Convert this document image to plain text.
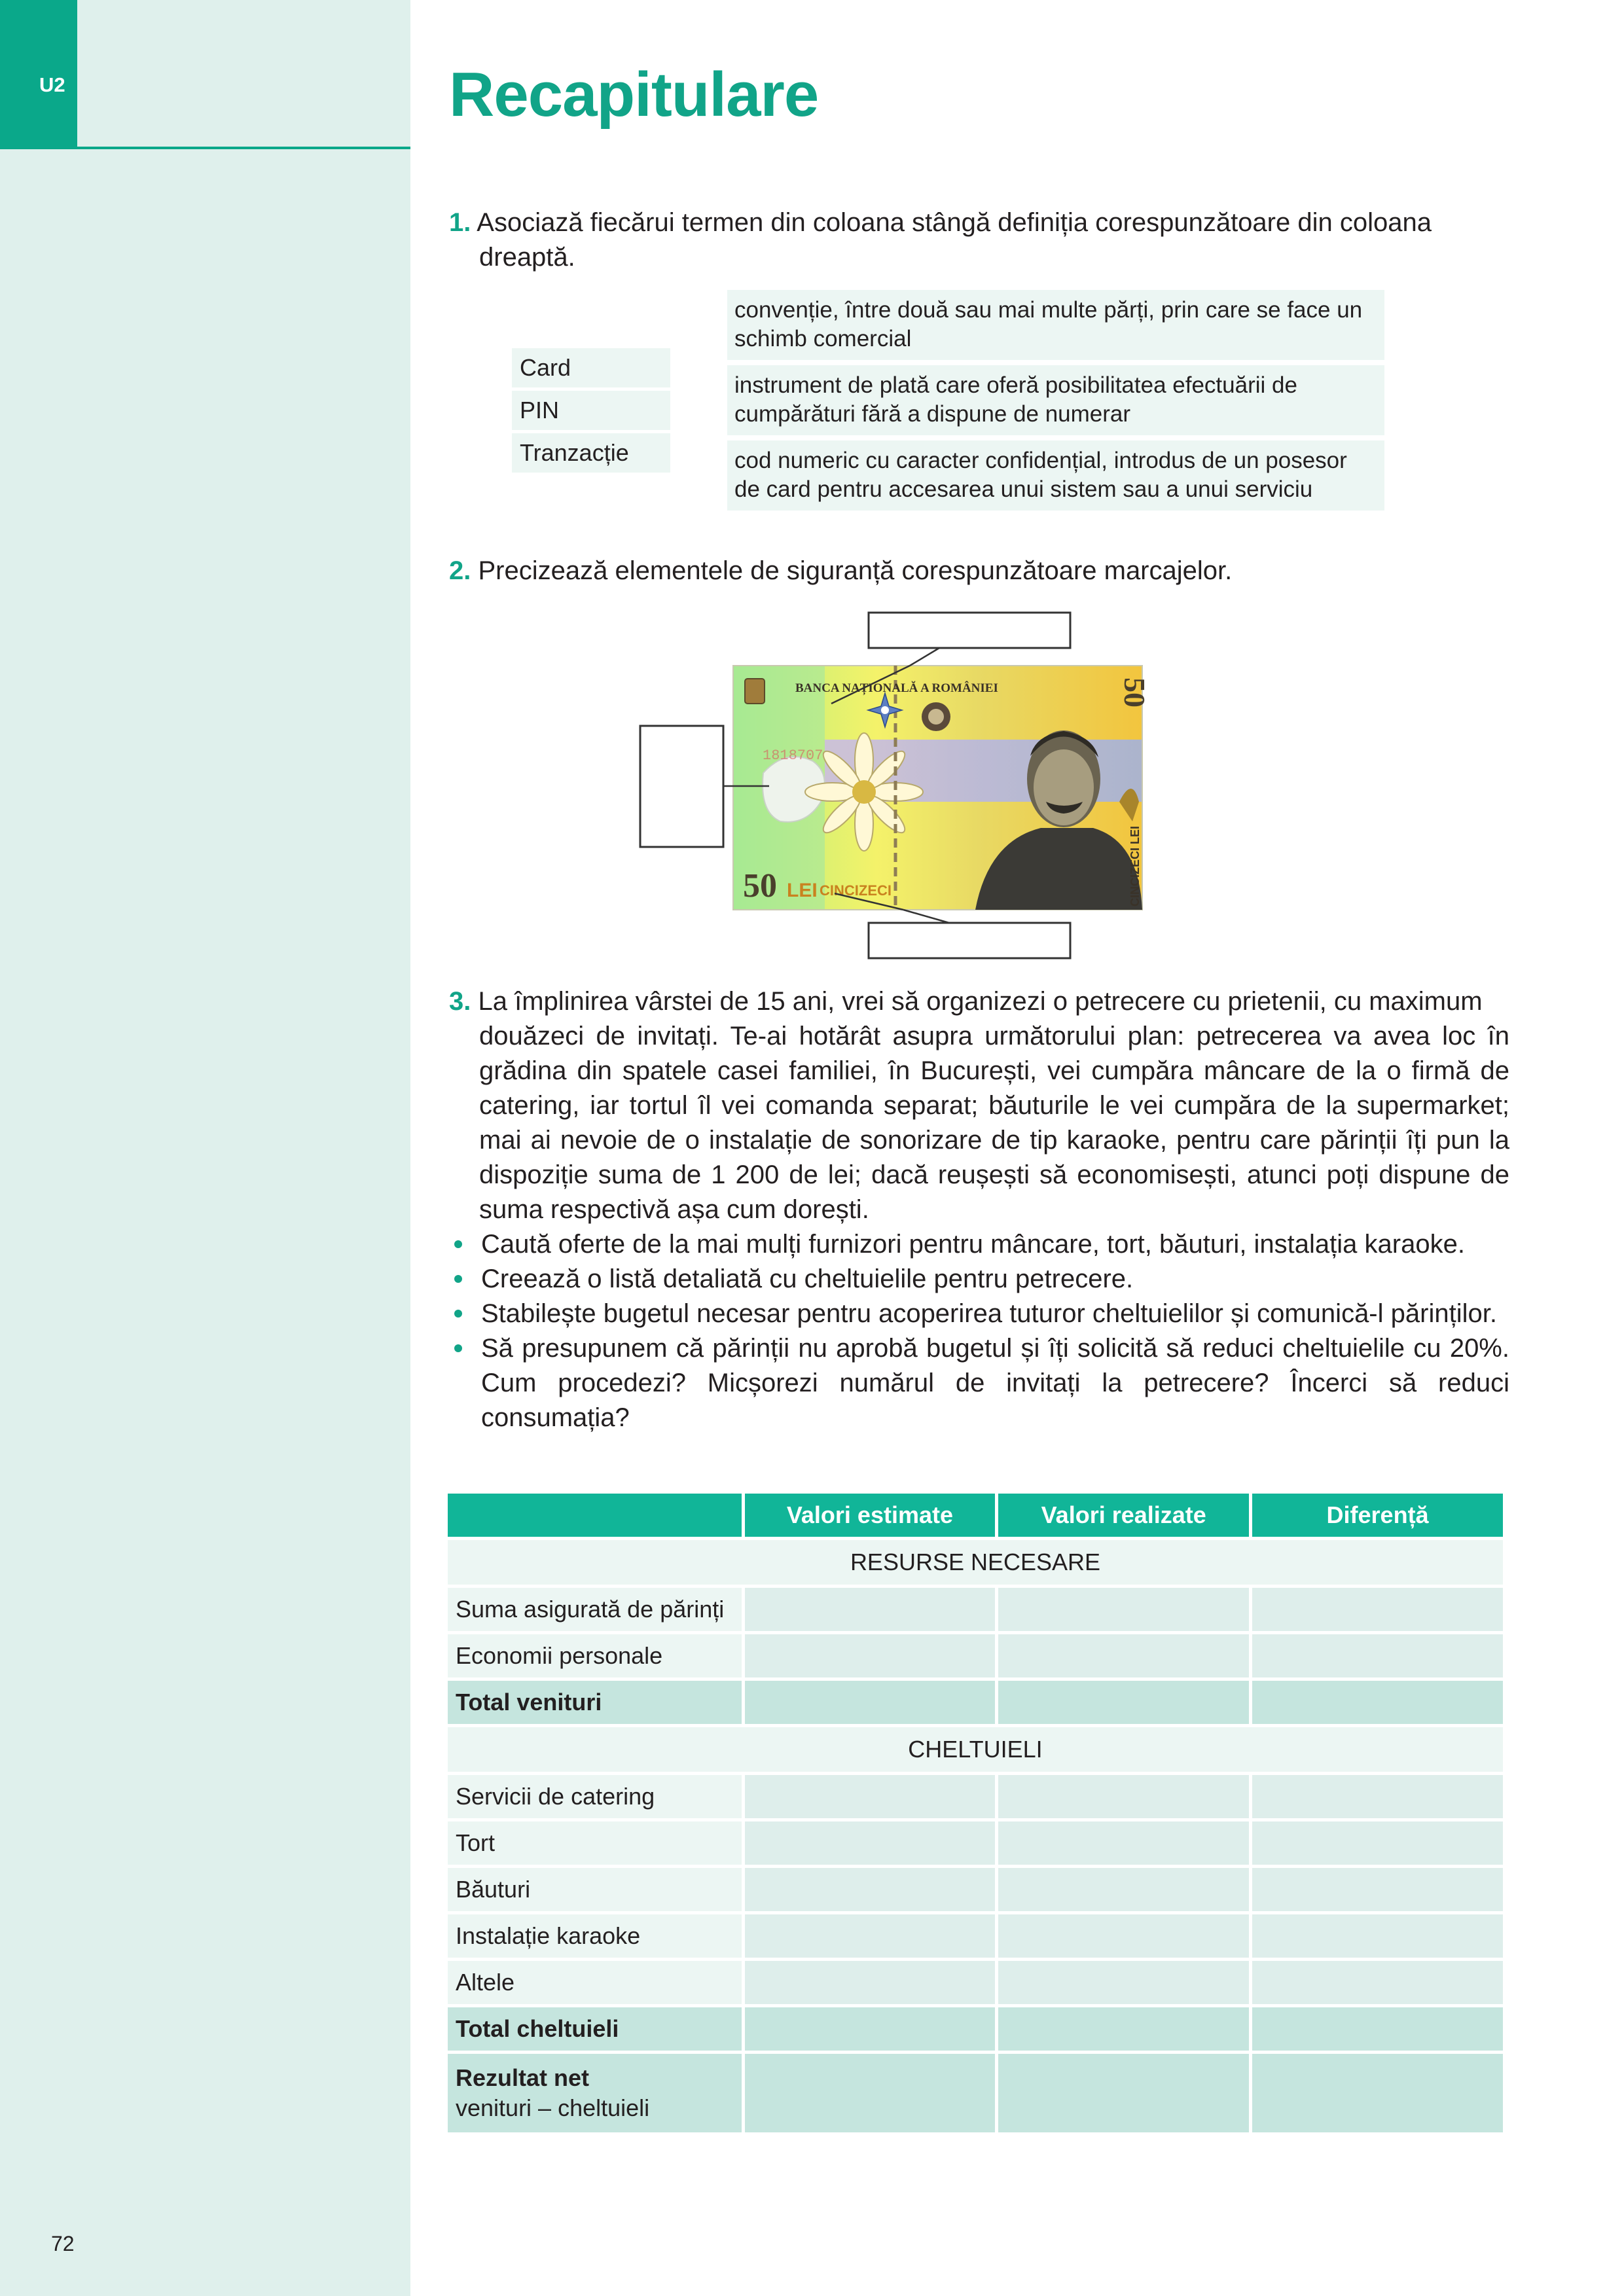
U2
72
Recapitulare
1. Asociază fiecărui termen din coloana stângă definiția corespunzătoare din coloana
dreaptă.
Card
PIN
Tranzacție
convenție, între două sau mai multe părți, prin care se face un schimb comercial
instrument de plată care oferă posibilitatea efectuării de cumpărături fără a dispune de numerar
cod numeric cu caracter confidențial, introdus de un posesor de card pentru accesarea unui sistem sau a unui serviciu
2. Precizează elementele de siguranță corespunzătoare marcajelor.
BANCA NAȚIONALĂ A ROMÂNIEI
50 LEI CINCIZECI
1818707
50
CINCIZECI LEI
3. La împlinirea vârstei de 15 ani, vrei să organizezi o petrecere cu prietenii, cu maximum
douăzeci de invitați. Te-ai hotărât asupra următorului plan: petrecerea va avea loc în grădina din spatele casei familiei, în București, vei cumpăra mâncare de la o firmă de catering, iar tortul îl vei comanda separat; băuturile le vei cumpăra de la supermarket; mai ai nevoie de o instalație de sonorizare de tip karaoke, pentru care părinții îți pun la dispoziție suma de 1 200 de lei; dacă reușești să economisești, atunci poți dispune de suma respectivă așa cum dorești.
Caută oferte de la mai mulți furnizori pentru mâncare, tort, băuturi, instalația karaoke.
Creează o listă detaliată cu cheltuielile pentru petrecere.
Stabilește bugetul necesar pentru acoperirea tuturor cheltuielilor și comunică-l părinților.
Să presupunem că părinții nu aprobă bugetul și îți solicită să reduci cheltuielile cu 20%. Cum procedezi? Micșorezi numărul de invitați la petrecere? Încerci să reduci consumația?
	Valori estimate	Valori realizate	Diferență
RESURSE NECESARE			
Suma asigurată de părinți			
Economii personale			
Total venituri			
CHELTUIELI			
Servicii de catering			
Tort			
Băuturi			
Instalație karaoke			
Altele			
Total cheltuieli			

Rezultat net
venituri – cheltuieli			
